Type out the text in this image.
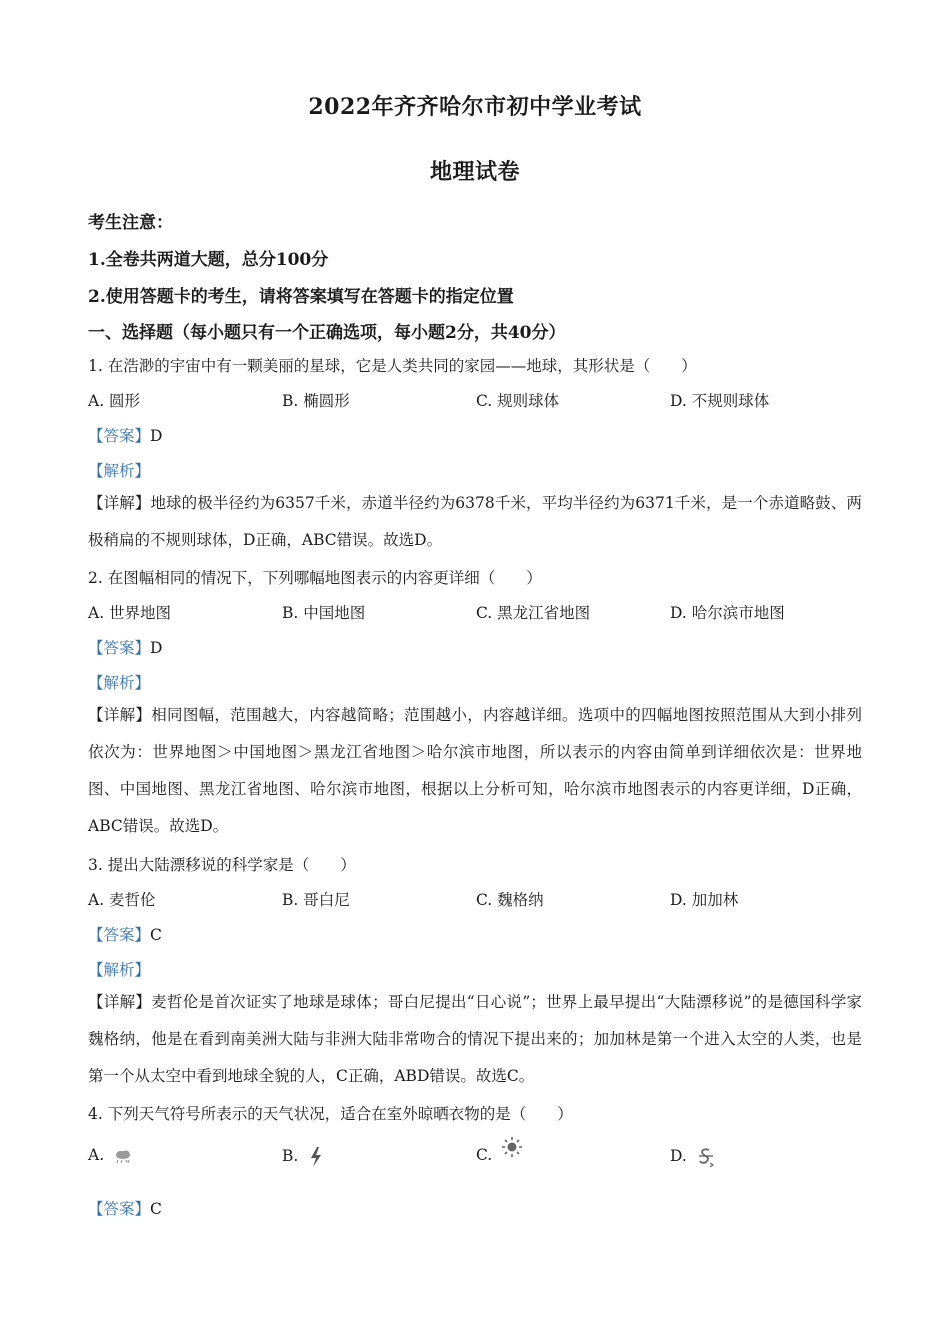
2022年齐齐哈尔市初中学业考试
地理试卷
考生注意：
1.全卷共两道大题，总分100分
2.使用答题卡的考生，请将答案填写在答题卡的指定位置
一、选择题（每小题只有一个正确选项，每小题2分，共40分）
1. 在浩渺的宇宙中有一颗美丽的星球，它是人类共同的家园——地球，其形状是（　　）
A. 圆形	B. 椭圆形	C. 规则球体	D. 不规则球体
【答案】D
【解析】
【详解】地球的极半径约为6357千米，赤道半径约为6378千米，平均半径约为6371千米，是一个赤道略鼓、两极稍扁的不规则球体，D正确，ABC错误。故选D。
2. 在图幅相同的情况下，下列哪幅地图表示的内容更详细（　　）
A. 世界地图	B. 中国地图	C. 黑龙江省地图	D. 哈尔滨市地图
【答案】D
【解析】
【详解】相同图幅，范围越大，内容越简略；范围越小，内容越详细。选项中的四幅地图按照范围从大到小排列依次为：世界地图＞中国地图＞黑龙江省地图＞哈尔滨市地图，所以表示的内容由简单到详细依次是：世界地图、中国地图、黑龙江省地图、哈尔滨市地图，根据以上分析可知，哈尔滨市地图表示的内容更详细，D正确，ABC错误。故选D。
3. 提出大陆漂移说的科学家是（　　）
A. 麦哲伦	B. 哥白尼	C. 魏格纳	D. 加加林
【答案】C
【解析】
【详解】麦哲伦是首次证实了地球是球体；哥白尼提出“日心说”；世界上最早提出“大陆漂移说”的是德国科学家魏格纳，他是在看到南美洲大陆与非洲大陆非常吻合的情况下提出来的；加加林是第一个进入太空的人类，也是第一个从太空中看到地球全貌的人，C正确，ABD错误。故选C。
4. 下列天气符号所表示的天气状况，适合在室外晾晒衣物的是（　　）
A.	*	B.	C.	D.
【答案】C
